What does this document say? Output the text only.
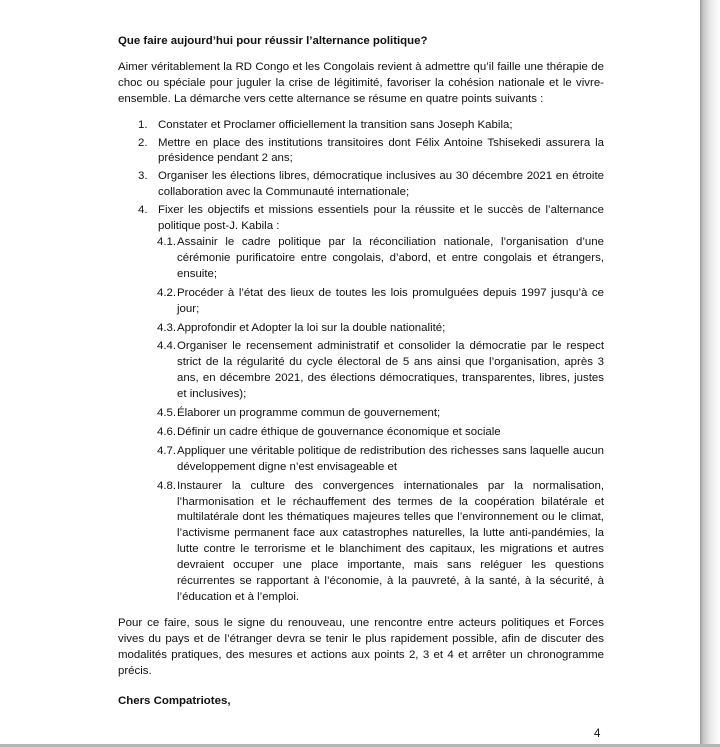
Que faire aujourd’hui pour réussir l’alternance politique?

Aimer véritablement la RD Congo et les Congolais revient à admettre qu’il faille une thérapie de choc ou spéciale pour juguler la crise de légitimité, favoriser la cohésion nationale et le vivre-ensemble. La démarche vers cette alternance se résume en quatre points suivants :

1. Constater et Proclamer officiellement la transition sans Joseph Kabila;
2. Mettre en place des institutions transitoires dont Félix Antoine Tshisekedi assurera la présidence pendant 2 ans;
3. Organiser les élections libres, démocratique inclusives au 30 décembre 2021 en étroite collaboration avec la Communauté internationale;
4. Fixer les objectifs et missions essentiels pour la réussite et le succès de l’alternance politique post-J. Kabila :
4.1. Assainir le cadre politique par la réconciliation nationale, l’organisation d’une cérémonie purificatoire entre congolais, d’abord, et entre congolais et étrangers, ensuite;
4.2. Procéder à l’état des lieux de toutes les lois promulguées depuis 1997 jusqu’à ce jour;
4.3. Approfondir et Adopter la loi sur la double nationalité;
4.4. Organiser le recensement administratif et consolider la démocratie par le respect strict de la régularité du cycle électoral de 5 ans ainsi que l’organisation, après 3 ans, en décembre 2021, des élections démocratiques, transparentes, libres, justes et inclusives);
4.5. Élaborer un programme commun de gouvernement;
4.6. Définir un cadre éthique de gouvernance économique et sociale
4.7. Appliquer une véritable politique de redistribution des richesses sans laquelle aucun développement digne n’est envisageable et
4.8. Instaurer la culture des convergences internationales par la normalisation, l’harmonisation et le réchauffement des termes de la coopération bilatérale et multilatérale dont les thématiques majeures telles que l’environnement ou le climat, l’activisme permanent face aux catastrophes naturelles, la lutte anti-pandémies, la lutte contre le terrorisme et le blanchiment des capitaux, les migrations et autres devraient occuper une place importante, mais sans reléguer les questions récurrentes se rapportant à l’économie, à la pauvreté, à la santé, à la sécurité, à l’éducation et à l’emploi.

Pour ce faire, sous le signe du renouveau, une rencontre entre acteurs politiques et Forces vives du pays et de l’étranger devra se tenir le plus rapidement possible, afin de discuter des modalités pratiques, des mesures et actions aux points 2, 3 et 4 et arrêter un chronogramme précis.

Chers Compatriotes,

4
